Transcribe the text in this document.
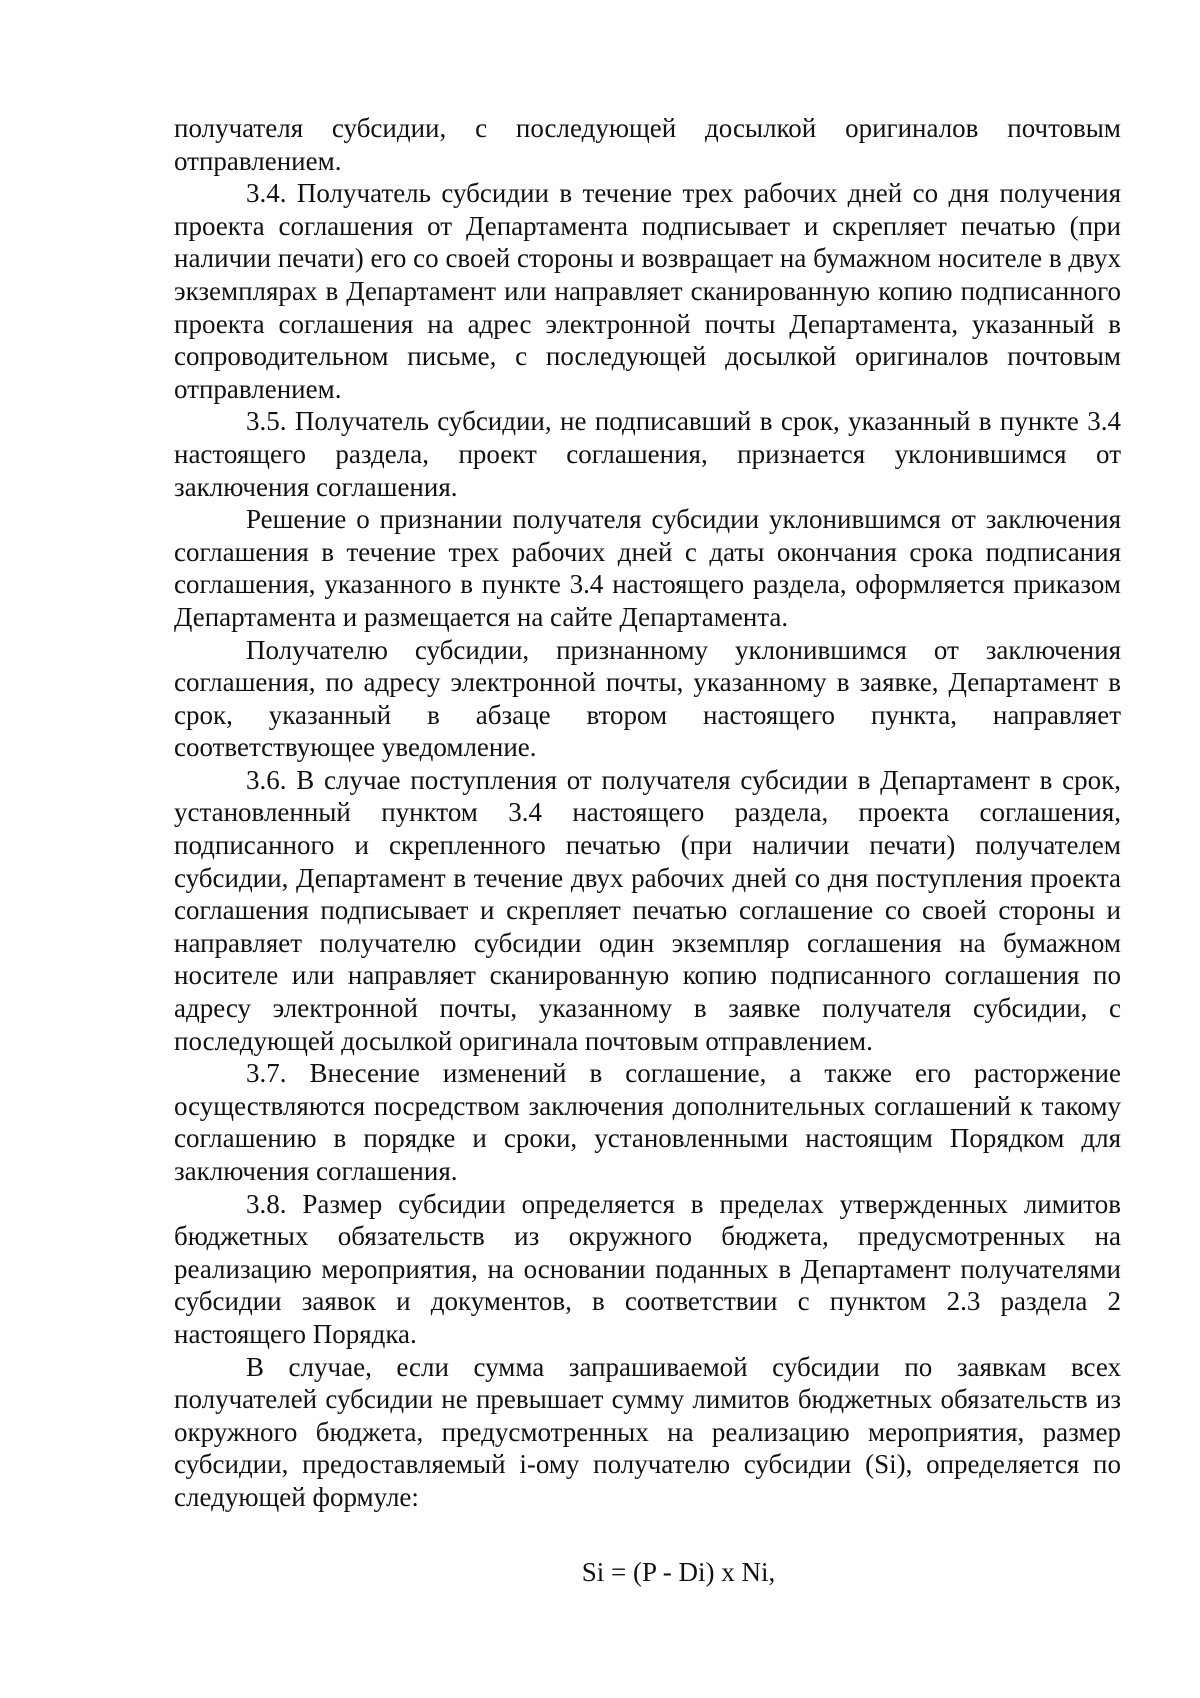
получателя субсидии, с последующей досылкой оригиналов почтовым отправлением.

3.4. Получатель субсидии в течение трех рабочих дней со дня получения проекта соглашения от Департамента подписывает и скрепляет печатью (при наличии печати) его со своей стороны и возвращает на бумажном носителе в двух экземплярах в Департамент или направляет сканированную копию подписанного проекта соглашения на адрес электронной почты Департамента, указанный в сопроводительном письме, с последующей досылкой оригиналов почтовым отправлением.

3.5. Получатель субсидии, не подписавший в срок, указанный в пункте 3.4 настоящего раздела, проект соглашения, признается уклонившимся от заключения соглашения.

Решение о признании получателя субсидии уклонившимся от заключения соглашения в течение трех рабочих дней с даты окончания срока подписания соглашения, указанного в пункте 3.4 настоящего раздела, оформляется приказом Департамента и размещается на сайте Департамента.

Получателю субсидии, признанному уклонившимся от заключения соглашения, по адресу электронной почты, указанному в заявке, Департамент в срок, указанный в абзаце втором настоящего пункта, направляет соответствующее уведомление.

3.6. В случае поступления от получателя субсидии в Департамент в срок, установленный пунктом 3.4 настоящего раздела, проекта соглашения, подписанного и скрепленного печатью (при наличии печати) получателем субсидии, Департамент в течение двух рабочих дней со дня поступления проекта соглашения подписывает и скрепляет печатью соглашение со своей стороны и направляет получателю субсидии один экземпляр соглашения на бумажном носителе или направляет сканированную копию подписанного соглашения по адресу электронной почты, указанному в заявке получателя субсидии, с последующей досылкой оригинала почтовым отправлением.

3.7. Внесение изменений в соглашение, а также его расторжение осуществляются посредством заключения дополнительных соглашений к такому соглашению в порядке и сроки, установленными настоящим Порядком для заключения соглашения.

3.8. Размер субсидии определяется в пределах утвержденных лимитов бюджетных обязательств из окружного бюджета, предусмотренных на реализацию мероприятия, на основании поданных в Департамент получателями субсидии заявок и документов, в соответствии с пунктом 2.3 раздела 2 настоящего Порядка.

В случае, если сумма запрашиваемой субсидии по заявкам всех получателей субсидии не превышает сумму лимитов бюджетных обязательств из окружного бюджета, предусмотренных на реализацию мероприятия, размер субсидии, предоставляемый i-ому получателю субсидии (Si), определяется по следующей формуле:

Si = (P - Di) x Ni,
